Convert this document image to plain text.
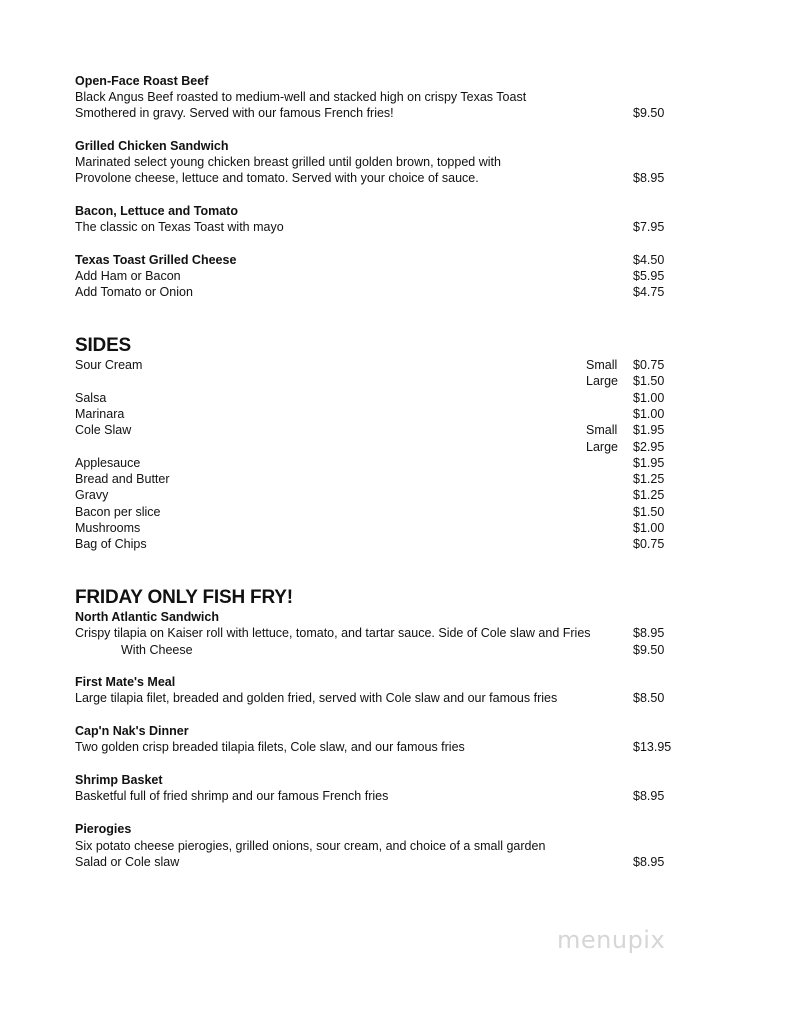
Open-Face Roast Beef
Black Angus Beef roasted to medium-well and stacked high on crispy Texas Toast
Smothered in gravy. Served with our famous French fries!	$9.50
Grilled Chicken Sandwich
Marinated select young chicken breast grilled until golden brown, topped with
Provolone cheese, lettuce and tomato. Served with your choice of sauce.	$8.95
Bacon, Lettuce and Tomato
The classic on Texas Toast with mayo	$7.95
Texas Toast Grilled Cheese	$4.50
Add Ham or Bacon	$5.95
Add Tomato or Onion	$4.75
SIDES
Sour Cream	Small $0.75
Large $1.50
Salsa	$1.00
Marinara	$1.00
Cole Slaw	Small $1.95
Large $2.95
Applesauce	$1.95
Bread and Butter	$1.25
Gravy	$1.25
Bacon per slice	$1.50
Mushrooms	$1.00
Bag of Chips	$0.75
FRIDAY ONLY FISH FRY!
North Atlantic Sandwich
Crispy tilapia on Kaiser roll with lettuce, tomato, and tartar sauce. Side of Cole slaw and Fries	$8.95
With Cheese	$9.50
First Mate's Meal
Large tilapia filet, breaded and golden fried, served with Cole slaw and our famous fries	$8.50
Cap'n Nak's Dinner
Two golden crisp breaded tilapia filets, Cole slaw, and our famous fries	$13.95
Shrimp Basket
Basketful full of fried shrimp and our famous French fries	$8.95
Pierogies
Six potato cheese pierogies, grilled onions, sour cream, and choice of a small garden
Salad or Cole slaw	$8.95
menupix
